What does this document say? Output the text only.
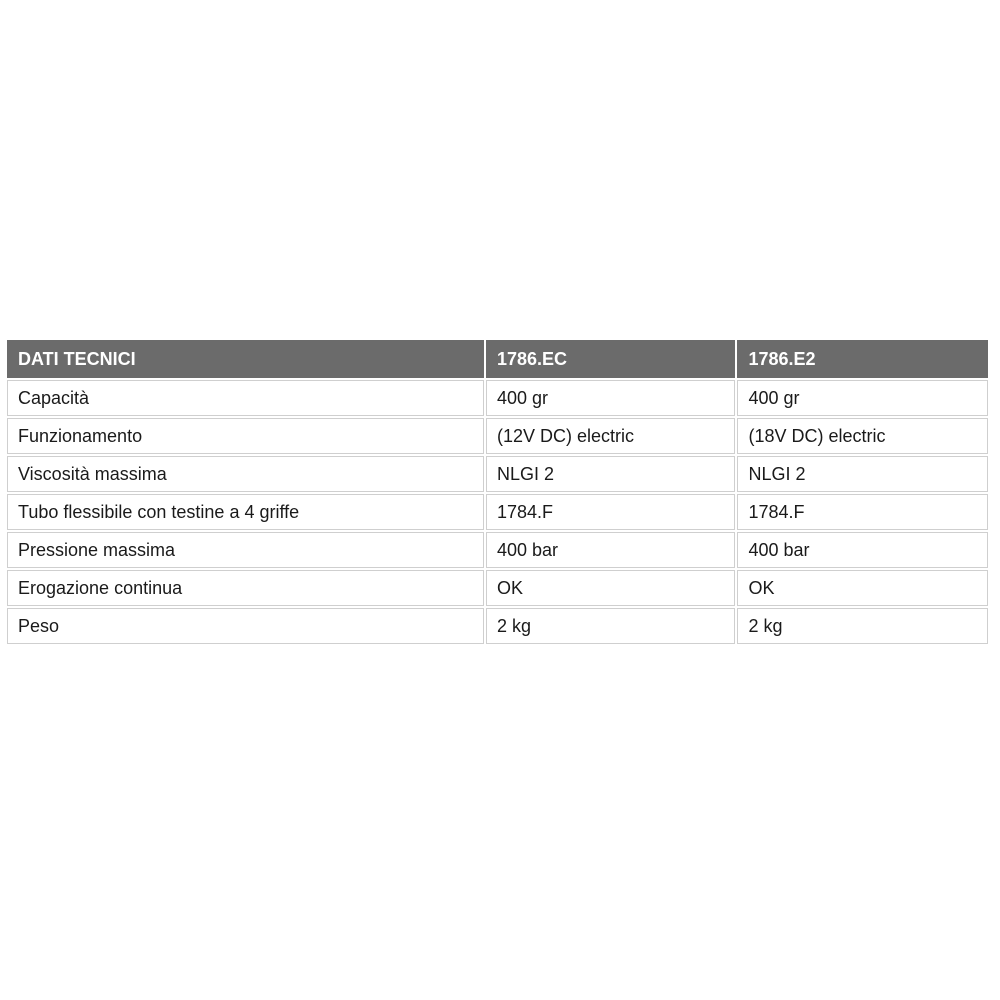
DATI TECNICI	1786.EC	1786.E2
Capacità	400 gr	400 gr
Funzionamento	(12V DC) electric	(18V DC) electric
Viscosità massima	NLGI 2	NLGI 2
Tubo flessibile con testine a 4 griffe	1784.F	1784.F
Pressione massima	400 bar	400 bar
Erogazione continua	OK	OK
Peso	2 kg	2 kg
